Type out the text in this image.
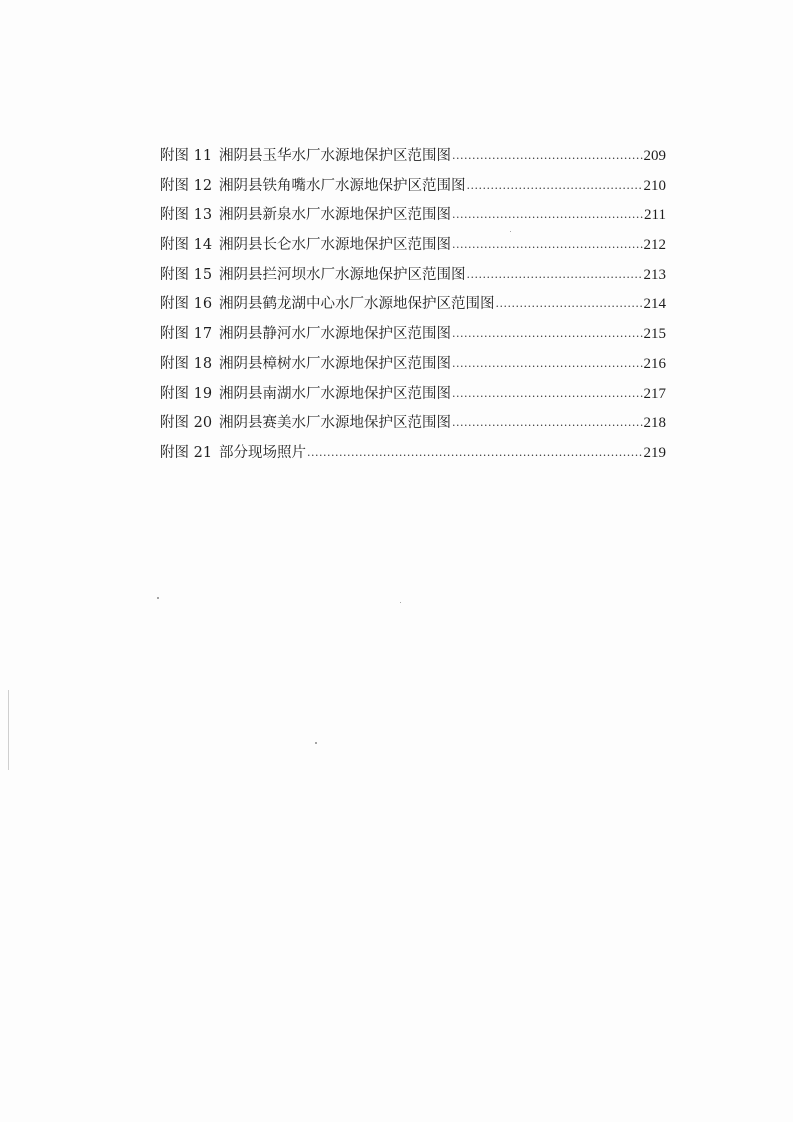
附图 11 湘阴县玉华水厂水源地保护区范围图 .....	209
附图 12 湘阴县铁角嘴水厂水源地保护区范围图 .....	210
附图 13 湘阴县新泉水厂水源地保护区范围图 .....	211
附图 14 湘阴县长仑水厂水源地保护区范围图 .....	212
附图 15 湘阴县拦河坝水厂水源地保护区范围图 .....	213
附图 16 湘阴县鹤龙湖中心水厂水源地保护区范围图 .....	214
附图 17 湘阴县静河水厂水源地保护区范围图 .....	215
附图 18 湘阴县樟树水厂水源地保护区范围图 .....	216
附图 19 湘阴县南湖水厂水源地保护区范围图 .....	217
附图 20 湘阴县赛美水厂水源地保护区范围图 .....	218
附图 21 部分现场照片 .....	219
